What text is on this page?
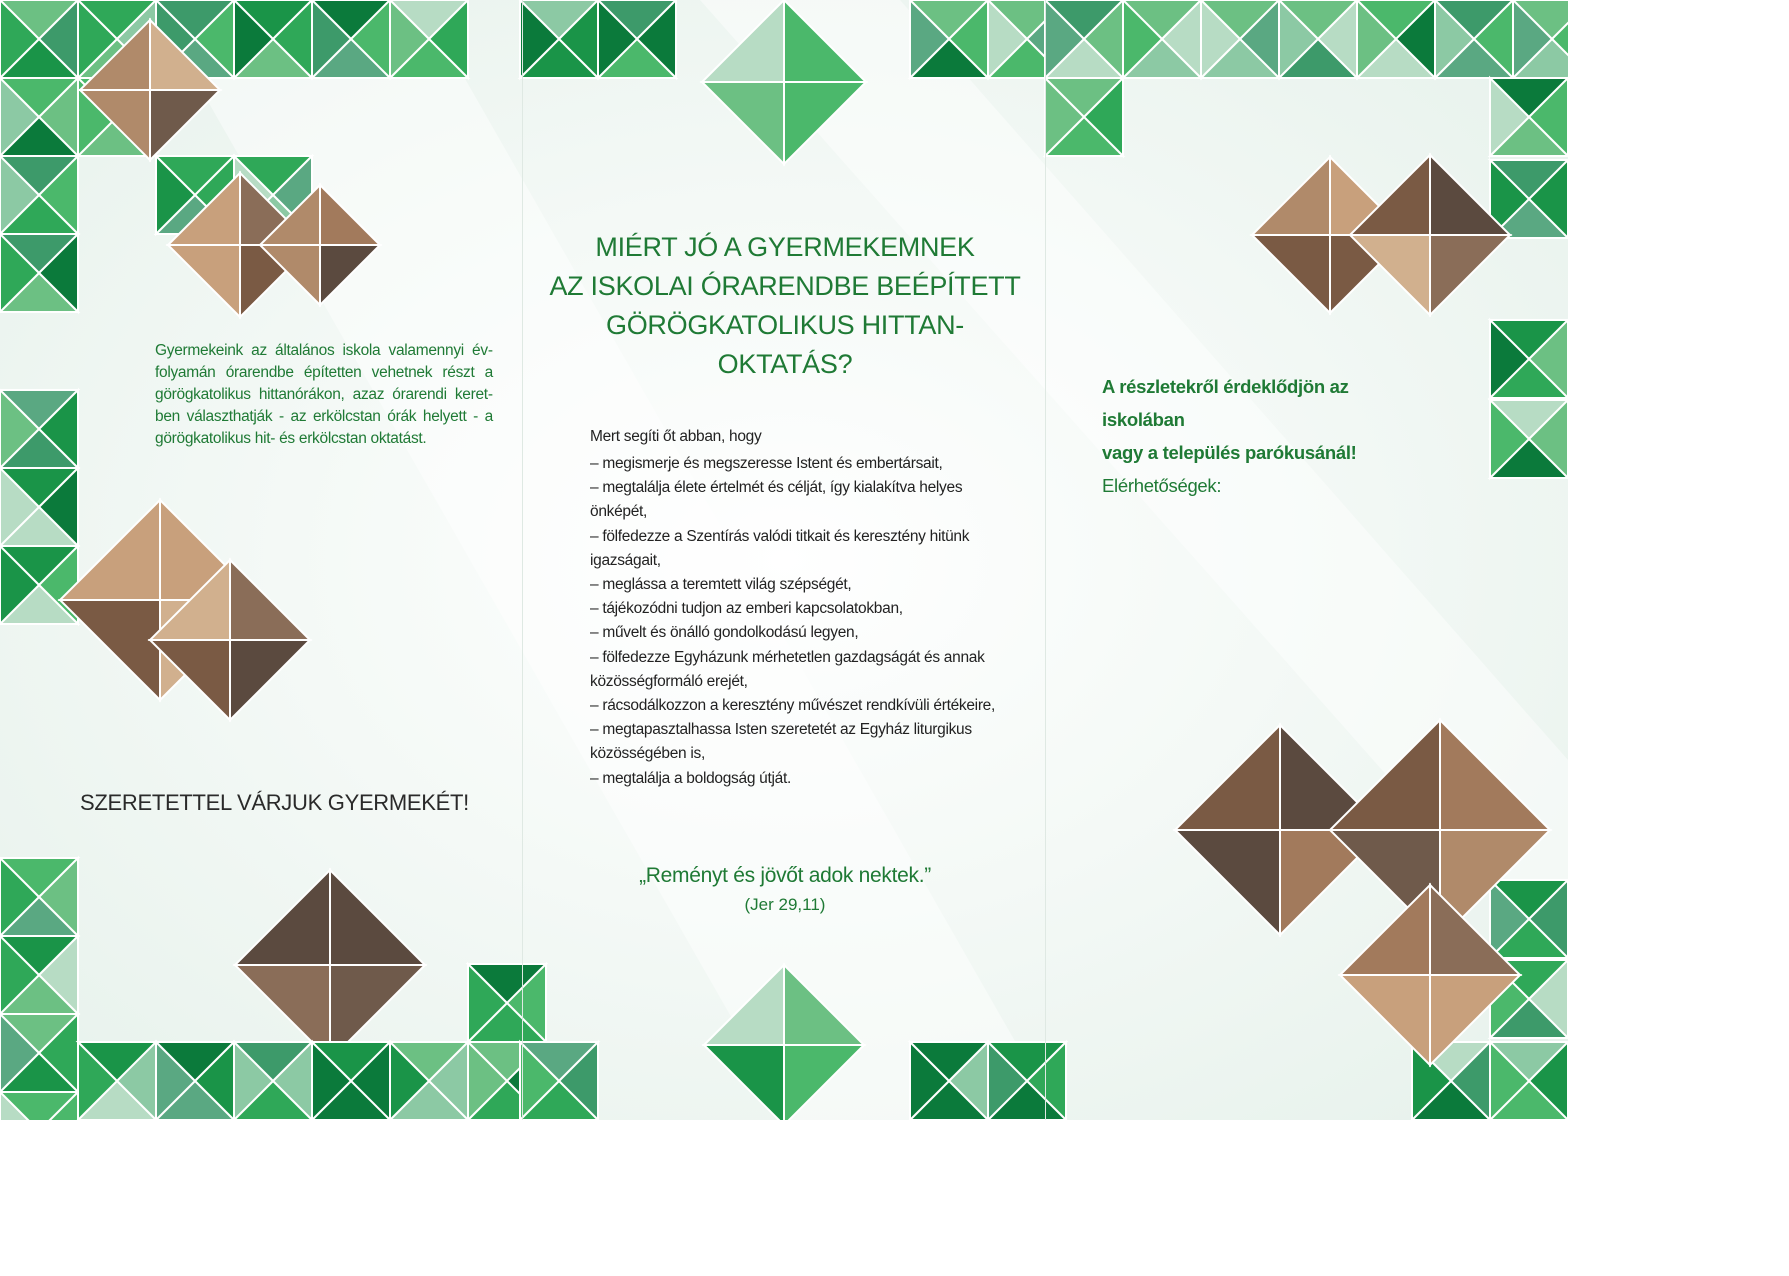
Gyermekeink az általános iskola valamennyi évfolyamán órarendbe építetten vehetnek részt a görögkatolikus hittanórákon, azaz órarendi keretben választhatják - az erkölcstan órák helyett - a görögkatolikus hit- és erkölcstan oktatást.
SZERETETTEL VÁRJUK GYERMEKÉT!
MIÉRT JÓ A GYERMEKEMNEK
AZ ISKOLAI ÓRARENDBE BEÉPÍTETT
GÖRÖGKATOLIKUS HITTAN-OKTATÁS?
Mert segíti őt abban, hogy
– megismerje és megszeresse Istent és embertársait,
– megtalálja élete értelmét és célját, így kialakítva helyes önképét,
– fölfedezze a Szentírás valódi titkait és keresztény hitünk igazságait,
– meglássa a teremtett világ szépségét,
– tájékozódni tudjon az emberi kapcsolatokban,
– művelt és önálló gondolkodású legyen,
– fölfedezze Egyházunk mérhetetlen gazdagságát és annak közösségformáló erejét,
– rácsodálkozzon a keresztény művészet rendkívüli értékeire,
– megtapasztalhassa Isten szeretetét az Egyház liturgikus közösségében is,
– megtalálja a boldogság útját.
„Reményt és jövőt adok nektek.”
(Jer 29,11)
A részletekről érdeklődjön az iskolában
vagy a település parókusánál!
Elérhetőségek:
